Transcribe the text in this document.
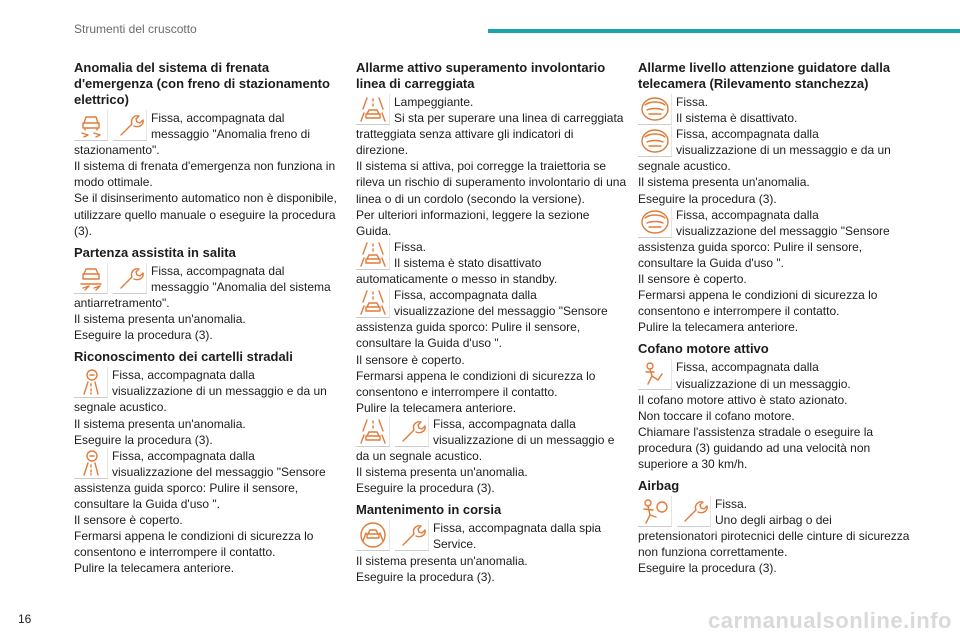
Strumenti del cruscotto
Anomalia del sistema di frenata d'emergenza (con freno di stazionamento elettrico)
Fissa, accompagnata dal
messaggio "Anomalia freno di stazionamento".
Il sistema di frenata d'emergenza non funziona in modo ottimale.
Se il disinserimento automatico non è disponibile, utilizzare quello manuale o eseguire la procedura (3).
Partenza assistita in salita
Fissa, accompagnata dal
messaggio "Anomalia del sistema antiarretramento".
Il sistema presenta un'anomalia.
Eseguire la procedura (3).
Riconoscimento dei cartelli stradali
Fissa, accompagnata dalla
visualizzazione di un messaggio e da un segnale acustico.
Il sistema presenta un'anomalia.
Eseguire la procedura (3).
Fissa, accompagnata dalla
visualizzazione del messaggio "Sensore assistenza guida sporco: Pulire il sensore, consultare la Guida d'uso ".
Il sensore è coperto.
Fermarsi appena le condizioni di sicurezza lo consentono e interrompere il contatto.
Pulire la telecamera anteriore.
Allarme attivo superamento involontario linea di carreggiata
Lampeggiante.
Si sta per superare una linea di carreggiata tratteggiata senza attivare gli indicatori di direzione.
Il sistema si attiva, poi corregge la traiettoria se rileva un rischio di superamento involontario di una linea o di un cordolo (secondo la versione).
Per ulteriori informazioni, leggere la sezione Guida.
Fissa.
Il sistema è stato disattivato automaticamente o messo in standby.
Fissa, accompagnata dalla
visualizzazione del messaggio "Sensore assistenza guida sporco: Pulire il sensore, consultare la Guida d'uso ".
Il sensore è coperto.
Fermarsi appena le condizioni di sicurezza lo consentono e interrompere il contatto.
Pulire la telecamera anteriore.
Fissa, accompagnata dalla
visualizzazione di un messaggio e da un segnale acustico.
Il sistema presenta un'anomalia.
Eseguire la procedura (3).
Mantenimento in corsia
Fissa, accompagnata dalla spia
Service.
Il sistema presenta un'anomalia.
Eseguire la procedura (3).
Allarme livello attenzione guidatore dalla telecamera (Rilevamento stanchezza)
Fissa.
Il sistema è disattivato.
Fissa, accompagnata dalla
visualizzazione di un messaggio e da un segnale acustico.
Il sistema presenta un'anomalia.
Eseguire la procedura (3).
Fissa, accompagnata dalla
visualizzazione del messaggio "Sensore assistenza guida sporco: Pulire il sensore, consultare la Guida d'uso ".
Il sensore è coperto.
Fermarsi appena le condizioni di sicurezza lo consentono e interrompere il contatto.
Pulire la telecamera anteriore.
Cofano motore attivo
Fissa, accompagnata dalla
visualizzazione di un messaggio.
Il cofano motore attivo è stato azionato.
Non toccare il cofano motore.
Chiamare l'assistenza stradale o eseguire la procedura (3) guidando ad una velocità non superiore a 30 km/h.
Airbag
Fissa.
Uno degli airbag o dei pretensionatori pirotecnici delle cinture di sicurezza non funziona correttamente.
Eseguire la procedura (3).
16	carmanualsonline.info
